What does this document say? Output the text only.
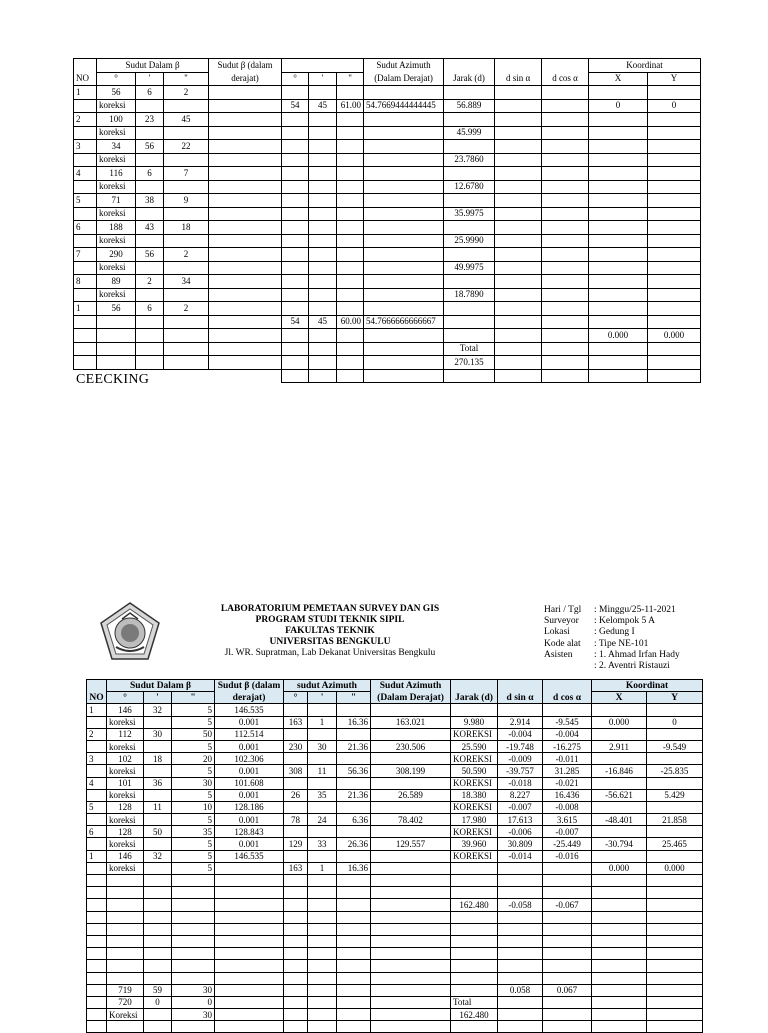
	Sudut Dalam β			Sudut β (dalam				Sudut Azimuth				Koordinat	
NO	°	'	"	derajat)	°	'	"	(Dalam Derajat)	Jarak (d)	d sin α	d cos α	X	Y
1	56	6	2										
	koreksi				54	45	61.00	54.7669444444445	56.889			0	0
2	100	23	45										
	koreksi								45.999				
3	34	56	22										
	koreksi								23.7860				
4	116	6	7										
	koreksi								12.6780				
5	71	38	9										
	koreksi								35.9975				
6	188	43	18										
	koreksi								25.9990				
7	290	56	2										
	koreksi								49.9975				
8	89	2	34										
	koreksi								18.7890				
1	56	6	2										
					54	45	60.00	54.7666666666667					
												0.000	0.000
									Total				
									270.135				

CEECKING
LABORATORIUM PEMETAAN SURVEY DAN GIS
PROGRAM STUDI TEKNIK SIPIL
FAKULTAS TEKNIK
UNIVERSITAS BENGKULU
Jl. WR. Supratman, Lab Dekanat Universitas Bengkulu
Hari / Tgl	: Minggu/25-11-2021
Surveyor	: Kelompok 5 A
Lokasi	: Gedung I
Kode alat	: Tipe NE-101
Asisten	: 1. Ahmad Irfan Hady
: 2. Aventri Ristauzi
	Sudut Dalam β			Sudut β (dalam	sudut Azimuth			Sudut Azimuth				Koordinat	
NO	°	'	"	derajat)	°	'	"	(Dalam Derajat)	Jarak (d)	d sin α	d cos α	X	Y
1	146	32	5	146.535									
	koreksi		5	0.001	163	1	16.36	163.021	9.980	2.914	-9.545	0.000	0
2	112	30	50	112.514					KOREKSI	-0.004	-0.004		
	koreksi		5	0.001	230	30	21.36	230.506	25.590	-19.748	-16.275	2.911	-9.549
3	102	18	20	102.306					KOREKSI	-0.009	-0.011		
	koreksi		5	0.001	308	11	56.36	308.199	50.590	-39.757	31.285	-16.846	-25.835
4	101	36	30	101.608					KOREKSI	-0.018	-0.021		
	koreksi		5	0.001	26	35	21.36	26.589	18.380	8.227	16.436	-56.621	5.429
5	128	11	10	128.186					KOREKSI	-0.007	-0.008		
	koreksi		5	0.001	78	24	6.36	78.402	17.980	17.613	3.615	-48.401	21.858
6	128	50	35	128.843					KOREKSI	-0.006	-0.007		
	koreksi		5	0.001	129	33	26.36	129.557	39.960	30.809	-25.449	-30.794	25.465
1	146	32	5	146.535					KOREKSI	-0.014	-0.016		
	koreksi		5		163	1	16.36					0.000	0.000

									162.480	-0.058	-0.067		

	719	59	30							0.058	0.067		
	720	0	0						Total				
	Koreksi		30						162.480				
